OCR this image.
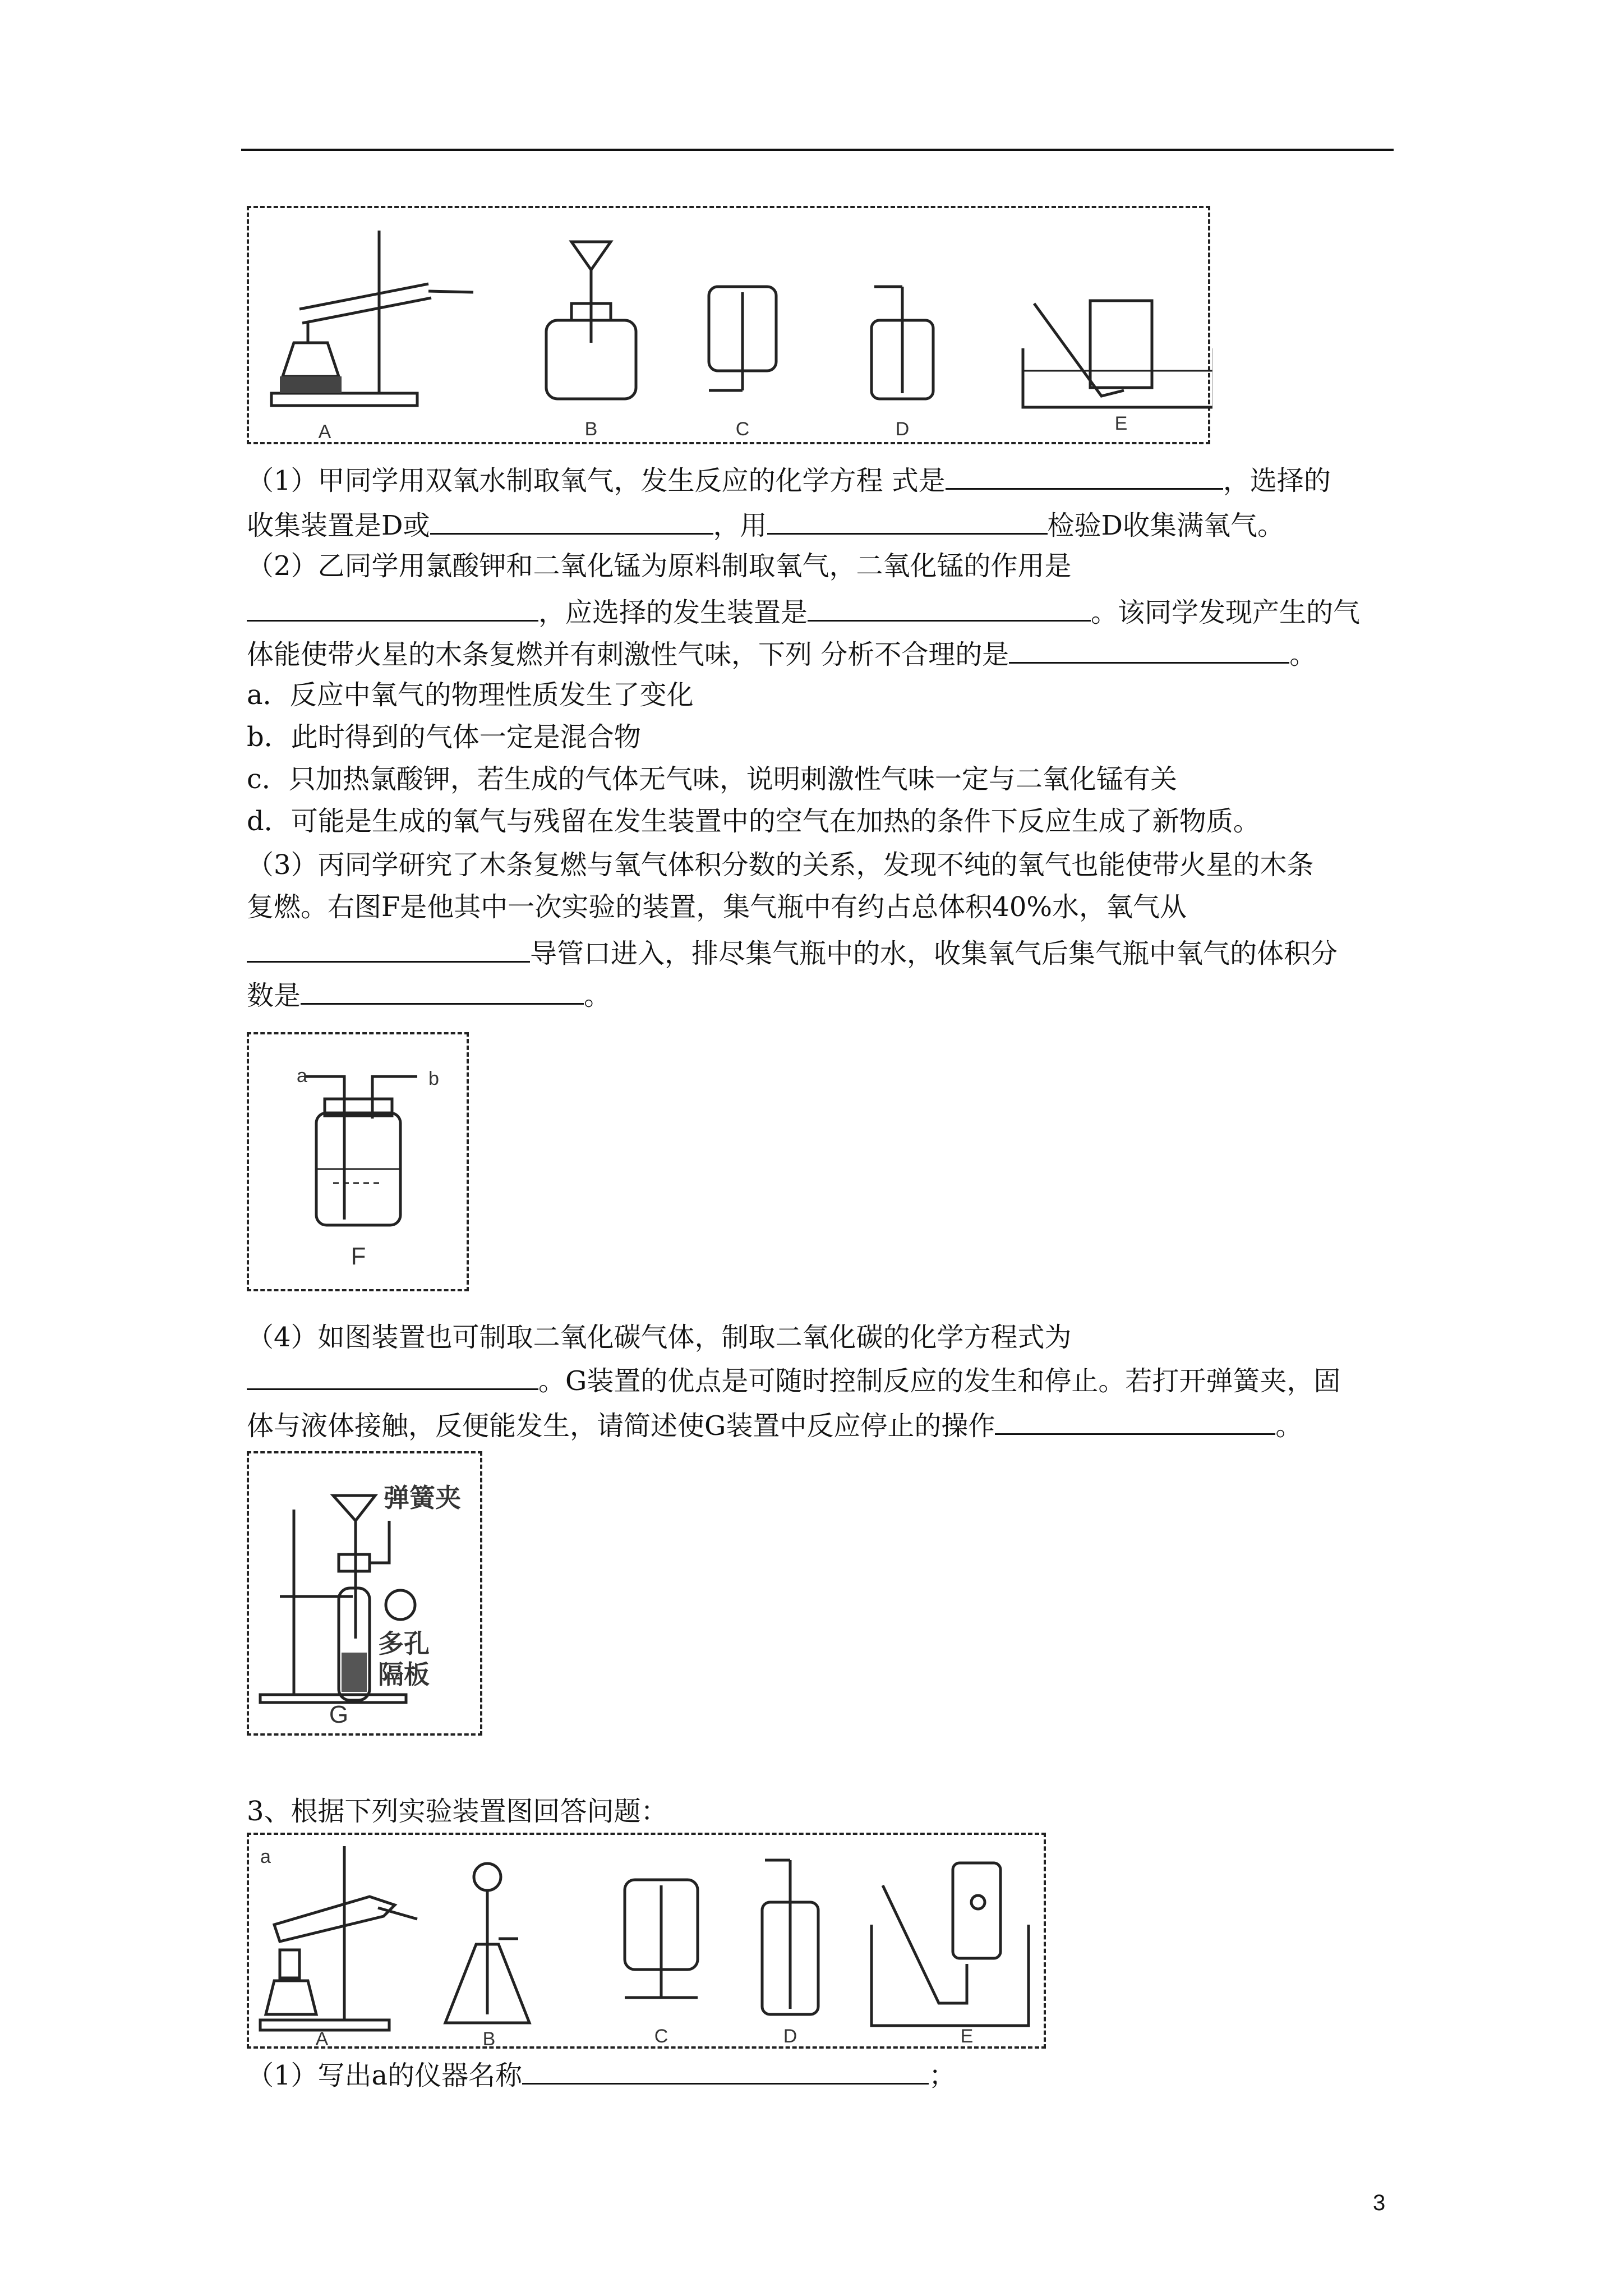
A	B	C	D	E
（1）甲同学用双氧水制取氧气，发生反应的化学方程 式是	，选择的
收集装置是D或	，用	检验D收集满氧气。
（2）乙同学用氯酸钾和二氧化锰为原料制取氧气，二氧化锰的作用是
，应选择的发生装置是	。该同学发现产生的气
体能使带火星的木条复燃并有刺激性气味，下列 分析不合理的是	。
a．反应中氧气的物理性质发生了变化
b．此时得到的气体一定是混合物
c．只加热氯酸钾，若生成的气体无气味，说明刺激性气味一定与二氧化锰有关
d．可能是生成的氧气与残留在发生装置中的空气在加热的条件下反应生成了新物质。
（3）丙同学研究了木条复燃与氧气体积分数的关系，发现不纯的氧气也能使带火星的木条
复燃。右图F是他其中一次实验的装置，集气瓶中有约占总体积40%水，氧气从
导管口进入，排尽集气瓶中的水，收集氧气后集气瓶中氧气的体积分
数是	。
a	b
F
（4）如图装置也可制取二氧化碳气体，制取二氧化碳的化学方程式为
。G装置的优点是可随时控制反应的发生和停止。若打开弹簧夹，固
体与液体接触，反便能发生，请简述使G装置中反应停止的操作	。
弹簧夹
多孔
隔板
G
3、根据下列实验装置图回答问题：
a
A	B	C	D	E
（1）写出a的仪器名称	；
3
